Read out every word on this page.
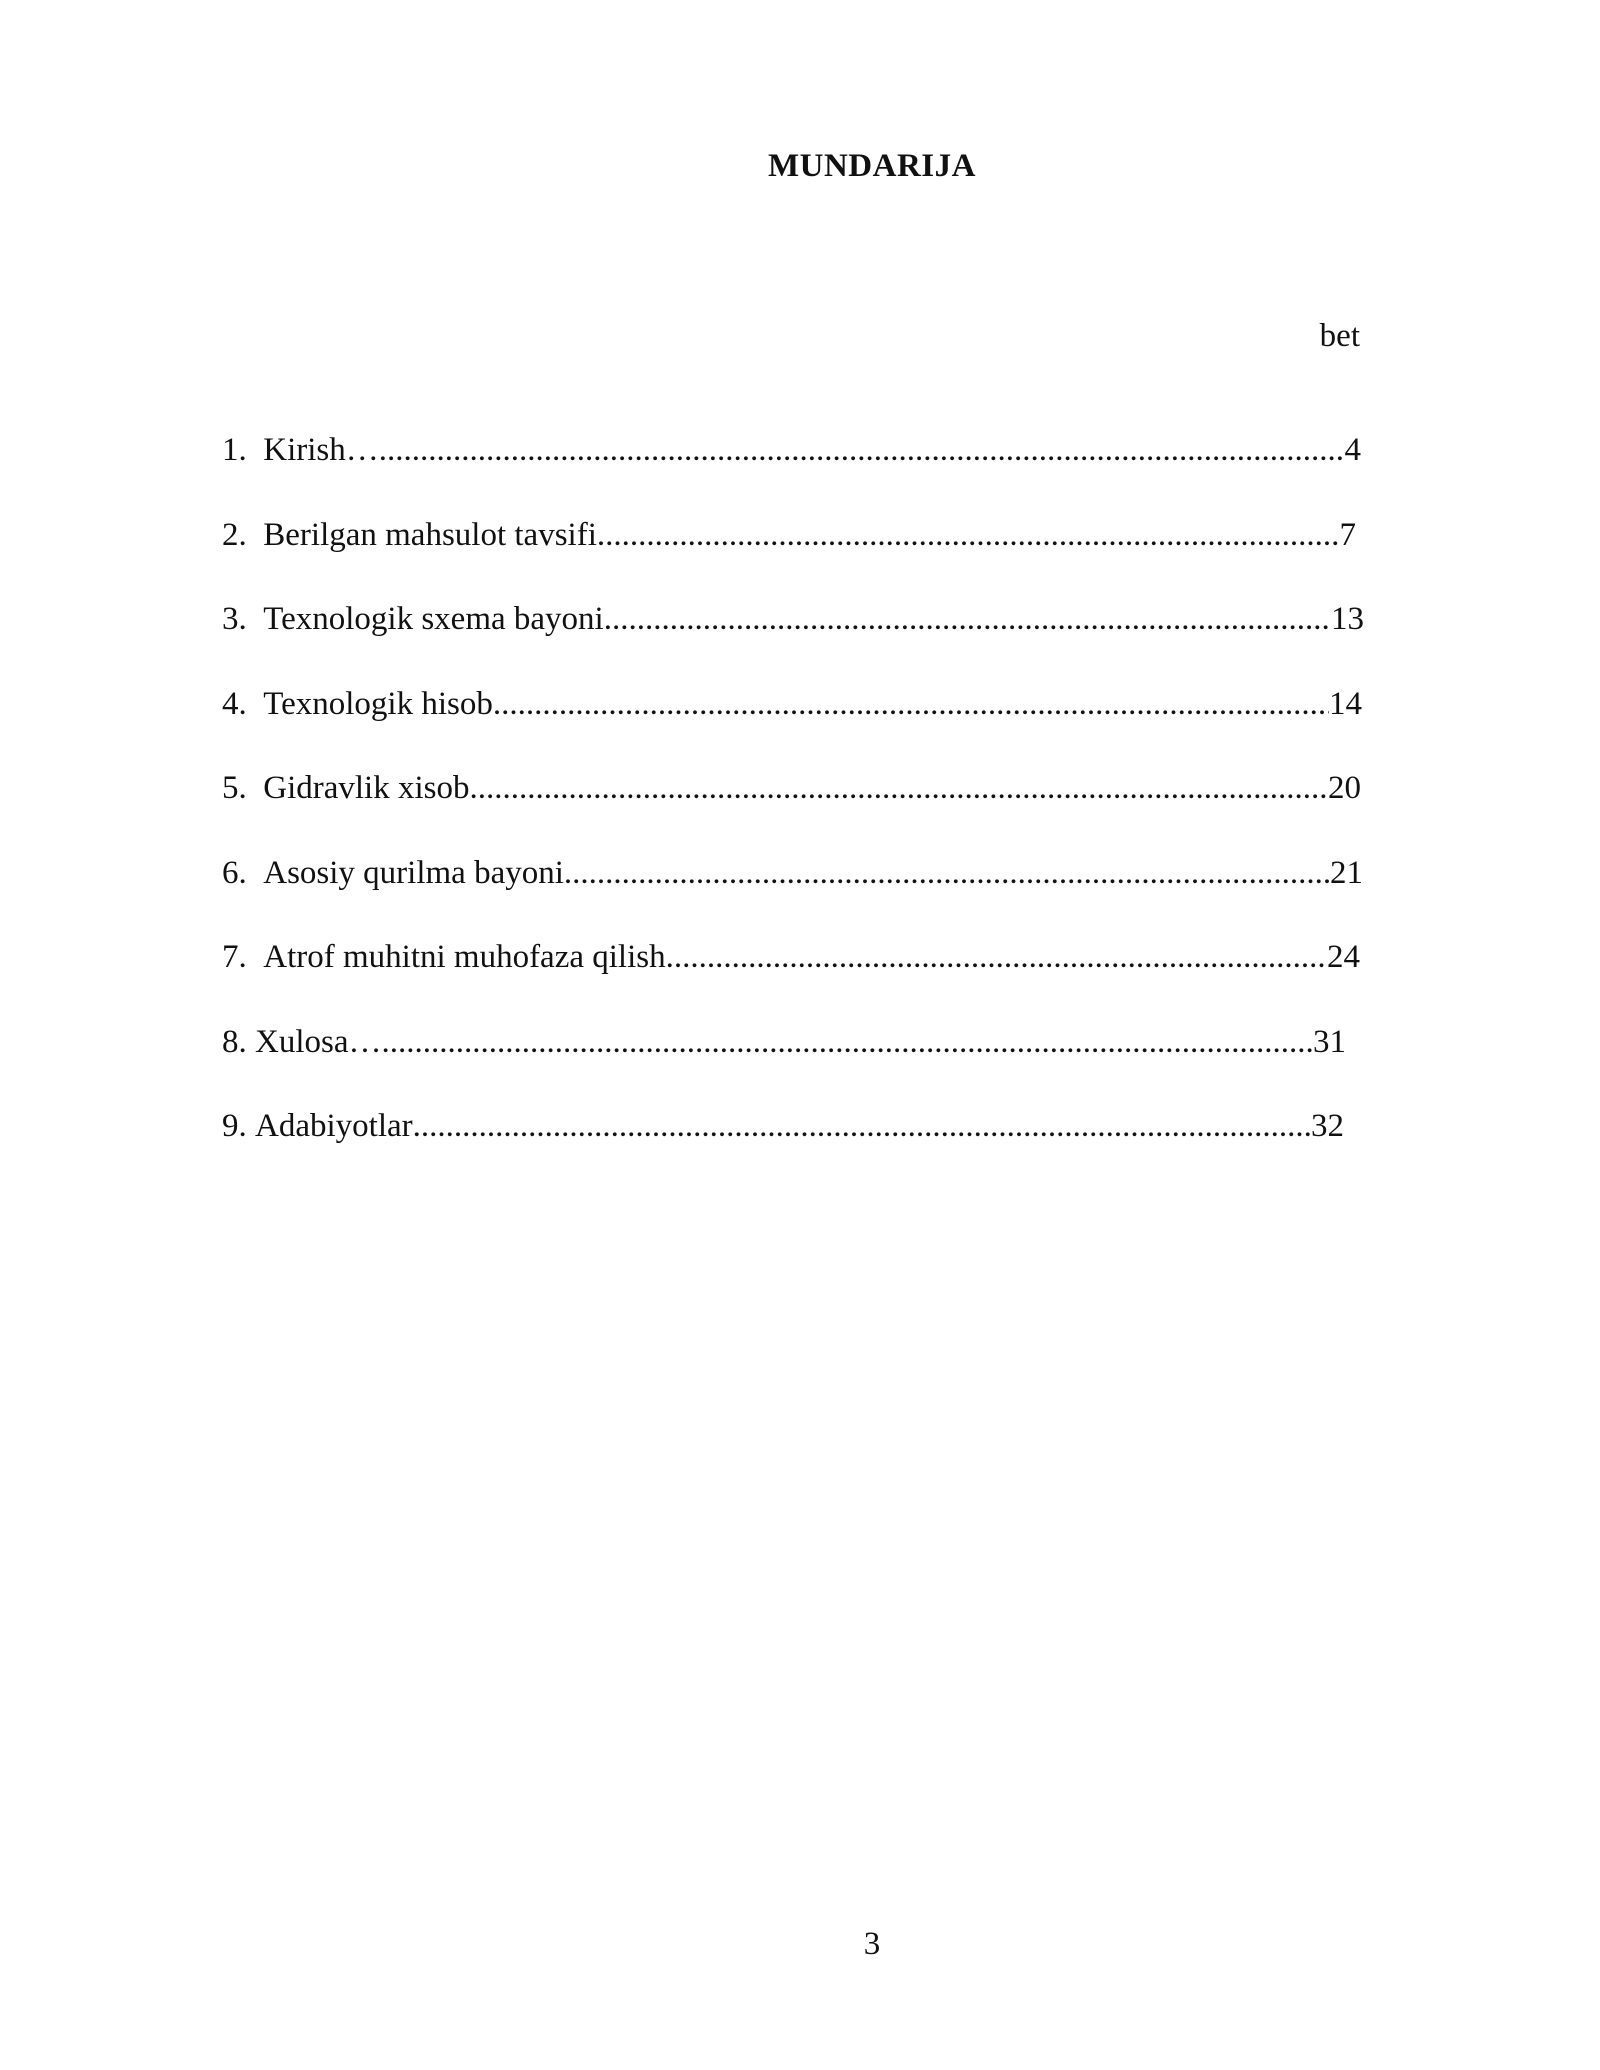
MUNDARIJA
bet
1. Kirish… .....	4
2. Berilgan mahsulot tavsifi .....	7
3. Texnologik sxema bayoni .....	13
4. Texnologik hisob .....	14
5. Gidravlik xisob .....	20
6. Asosiy qurilma bayoni .....	21
7. Atrof muhitni muhofaza qilish .....	24
8. Xulosa… .....	31
9. Adabiyotlar .....	32
3
